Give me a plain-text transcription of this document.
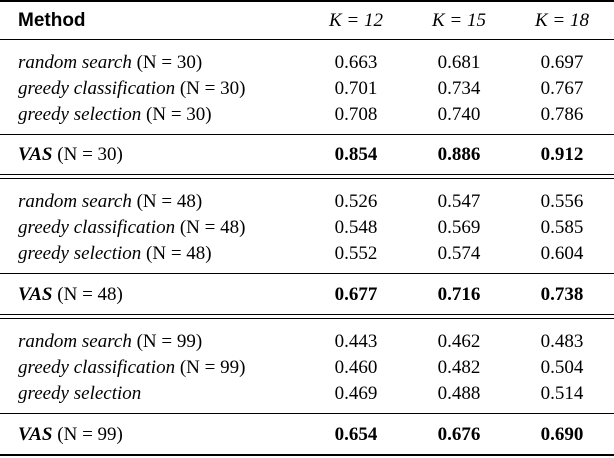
Method	K = 12	K = 15	K = 18
random search (N = 30)	0.663	0.681	0.697
greedy classification (N = 30)	0.701	0.734	0.767
greedy selection (N = 30)	0.708	0.740	0.786
VAS (N = 30)	0.854	0.886	0.912
random search (N = 48)	0.526	0.547	0.556
greedy classification (N = 48)	0.548	0.569	0.585
greedy selection (N = 48)	0.552	0.574	0.604
VAS (N = 48)	0.677	0.716	0.738
random search (N = 99)	0.443	0.462	0.483
greedy classification (N = 99)	0.460	0.482	0.504
greedy selection	0.469	0.488	0.514
VAS (N = 99)	0.654	0.676	0.690
